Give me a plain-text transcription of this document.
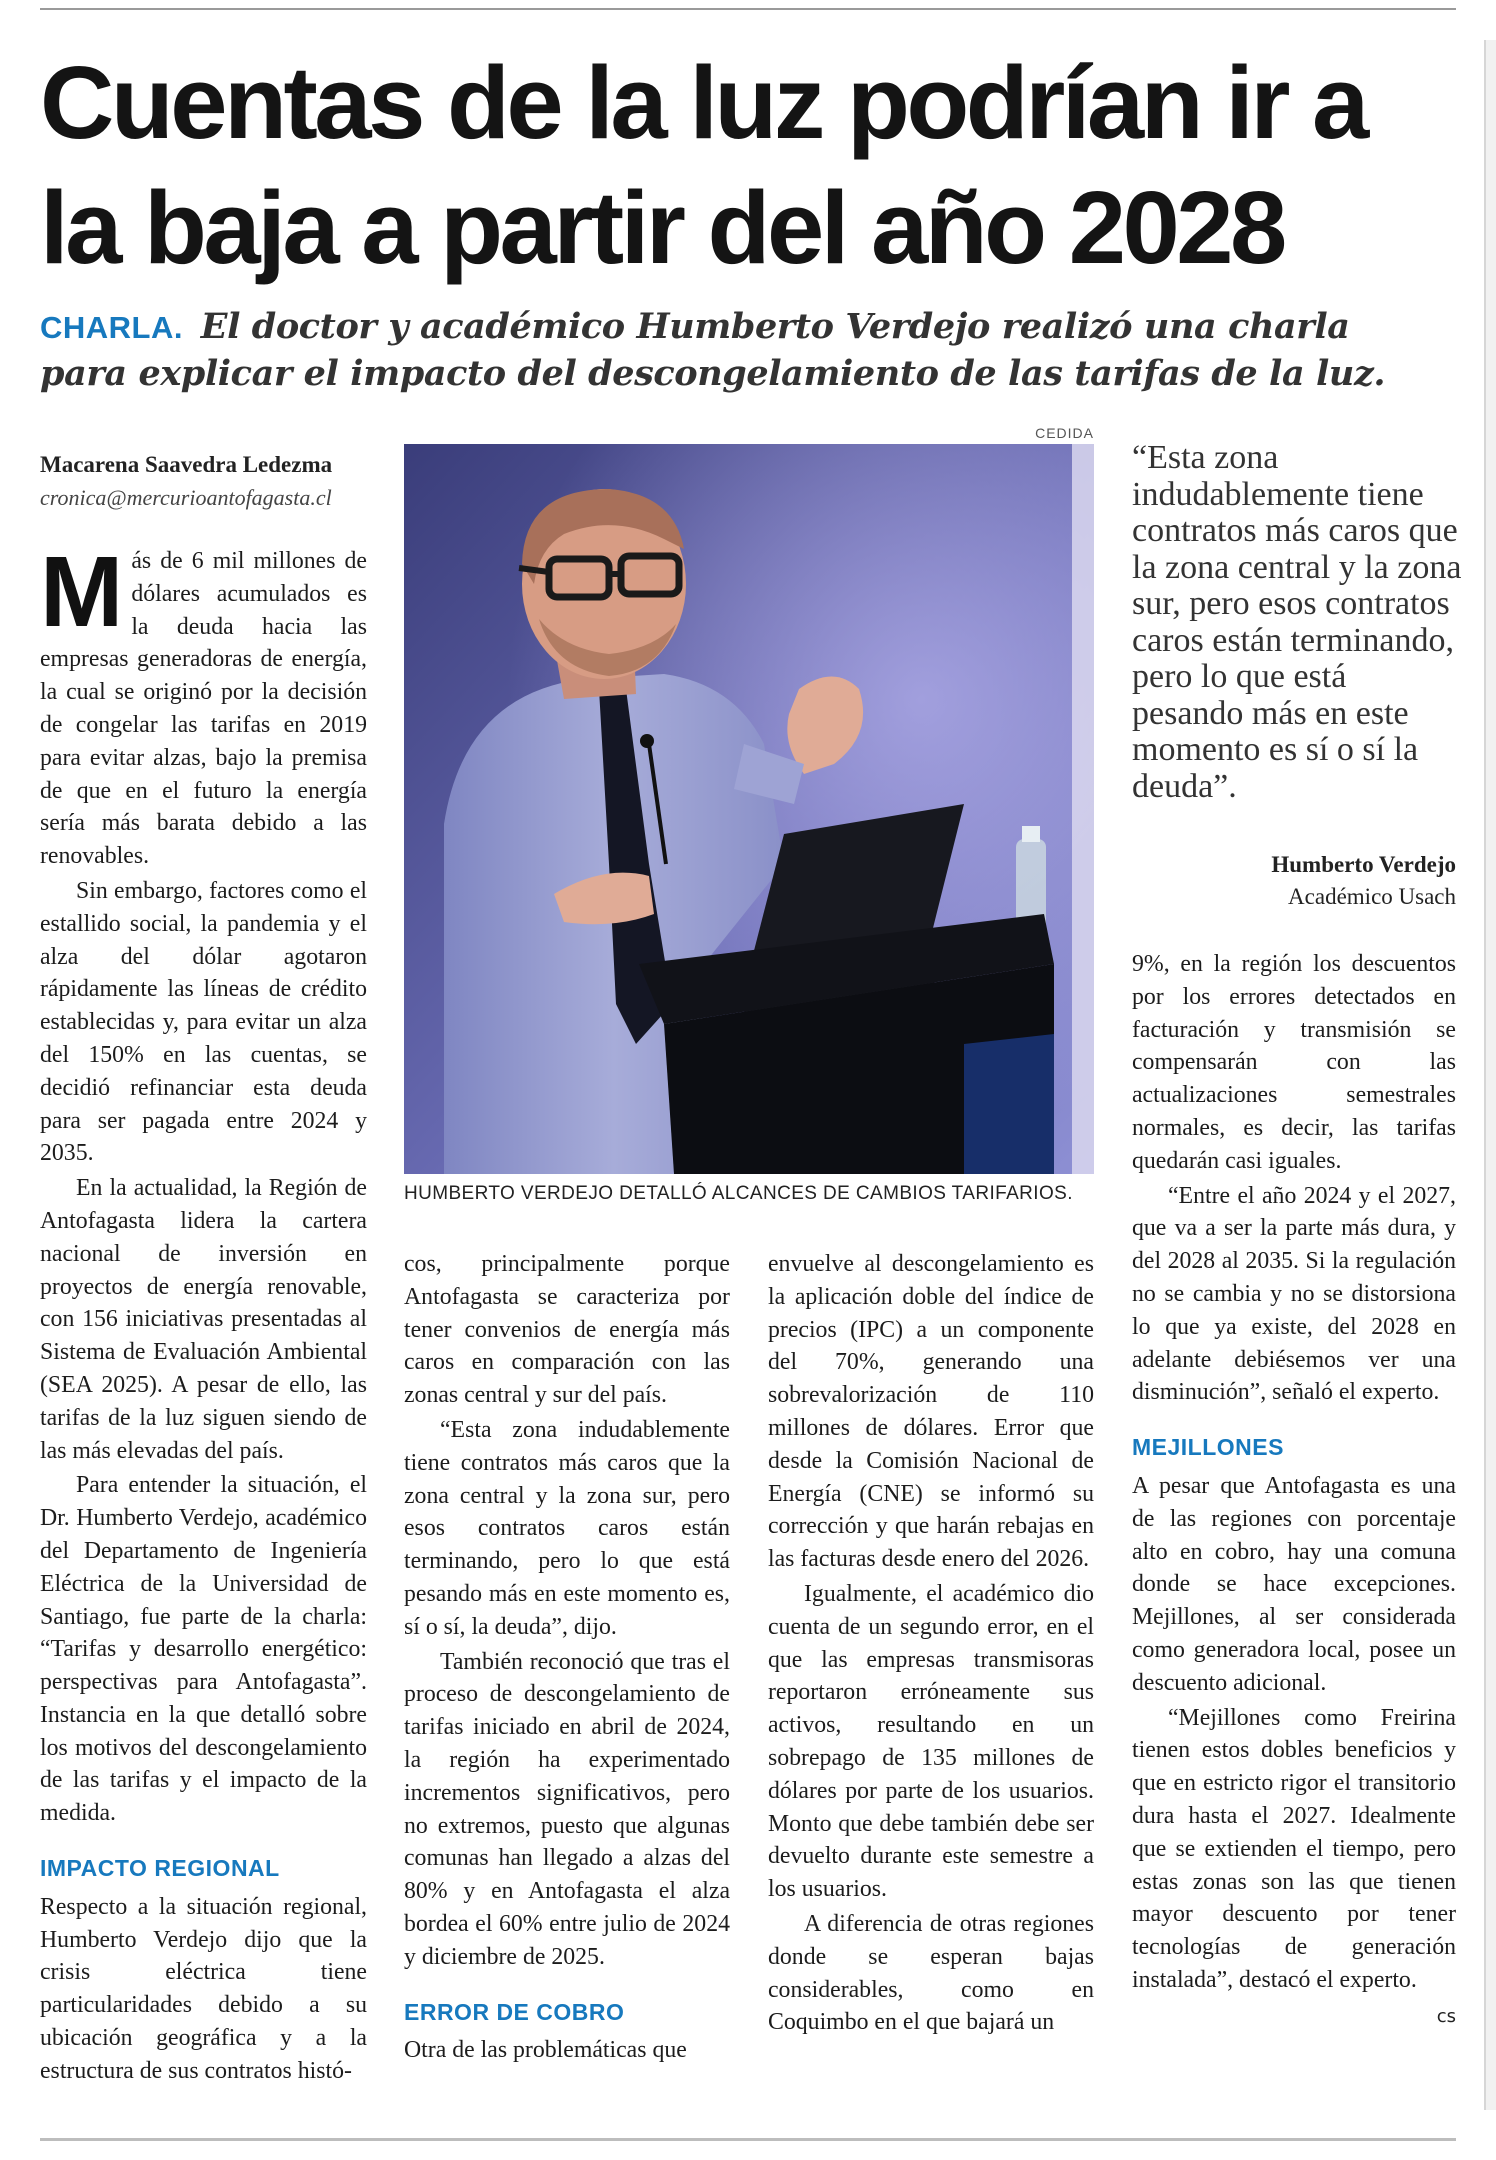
Cuentas de la luz podrían ir a
la baja a partir del año 2028
CHARLA. El doctor y académico Humberto Verdejo realizó una charla para explicar el impacto del descongelamiento de las tarifas de la luz.
Macarena Saavedra Ledezma
cronica@mercurioantofagasta.cl

Más de 6 mil millones de dólares acumulados es la deuda hacia las empresas generadoras de energía, la cual se originó por la decisión de congelar las tarifas en 2019 para evitar alzas, bajo la premisa de que en el futuro la energía sería más barata debido a las renovables.

Sin embargo, factores como el estallido social, la pandemia y el alza del dólar agotaron rápidamente las líneas de crédito establecidas y, para evitar un alza del 150% en las cuentas, se decidió refinanciar esta deuda para ser pagada entre 2024 y 2035.

En la actualidad, la Región de Antofagasta lidera la cartera nacional de inversión en proyectos de energía renovable, con 156 iniciativas presentadas al Sistema de Evaluación Ambiental (SEA 2025). A pesar de ello, las tarifas de la luz siguen siendo de las más elevadas del país.

Para entender la situación, el Dr. Humberto Verdejo, académico del Departamento de Ingeniería Eléctrica de la Universidad de Santiago, fue parte de la charla: “Tarifas y desarrollo energético: perspectivas para Antofagasta”. Instancia en la que detalló sobre los motivos del descongelamiento de las tarifas y el impacto de la medida.

IMPACTO REGIONAL

Respecto a la situación regional, Humberto Verdejo dijo que la crisis eléctrica tiene particularidades debido a su ubicación geográfica y a la estructura de sus contratos histó-

CEDIDA
HUMBERTO VERDEJO DETALLÓ ALCANCES DE CAMBIOS TARIFARIOS.

cos, principalmente porque Antofagasta se caracteriza por tener convenios de energía más caros en comparación con las zonas central y sur del país.

“Esta zona indudablemente tiene contratos más caros que la zona central y la zona sur, pero esos contratos caros están terminando, pero lo que está pesando más en este momento es, sí o sí, la deuda”, dijo.

También reconoció que tras el proceso de descongelamiento de tarifas iniciado en abril de 2024, la región ha experimentado incrementos significativos, pero no extremos, puesto que algunas comunas han llegado a alzas del 80% y en Antofagasta el alza bordea el 60% entre julio de 2024 y diciembre de 2025.

ERROR DE COBRO

Otra de las problemáticas que

envuelve al descongelamiento es la aplicación doble del índice de precios (IPC) a un componente del 70%, generando una sobrevalorización de 110 millones de dólares. Error que desde la Comisión Nacional de Energía (CNE) se informó su corrección y que harán rebajas en las facturas desde enero del 2026.

Igualmente, el académico dio cuenta de un segundo error, en el que las empresas transmisoras reportaron erróneamente sus activos, resultando en un sobrepago de 135 millones de dólares por parte de los usuarios. Monto que debe también debe ser devuelto durante este semestre a los usuarios.

A diferencia de otras regiones donde se esperan bajas considerables, como en Coquimbo en el que bajará un

“Esta zona indudablemente tiene contratos más caros que la zona central y la zona sur, pero esos contratos caros están terminando, pero lo que está pesando más en este momento es sí o sí la deuda”.
Humberto Verdejo
Académico Usach

9%, en la región los descuentos por los errores detectados en facturación y transmisión se compensarán con las actualizaciones semestrales normales, es decir, las tarifas quedarán casi iguales.

“Entre el año 2024 y el 2027, que va a ser la parte más dura, y del 2028 al 2035. Si la regulación no se cambia y no se distorsiona lo que ya existe, del 2028 en adelante debiésemos ver una disminución”, señaló el experto.

MEJILLONES

A pesar que Antofagasta es una de las regiones con porcentaje alto en cobro, hay una comuna donde se hace excepciones. Mejillones, al ser considerada como generadora local, posee un descuento adicional.

“Mejillones como Freirina tienen estos dobles beneficios y que en estricto rigor el transitorio dura hasta el 2027. Idealmente que se extienden el tiempo, pero estas zonas son las que tienen mayor descuento por tener tecnologías de generación instalada”, destacó el experto.
cs
